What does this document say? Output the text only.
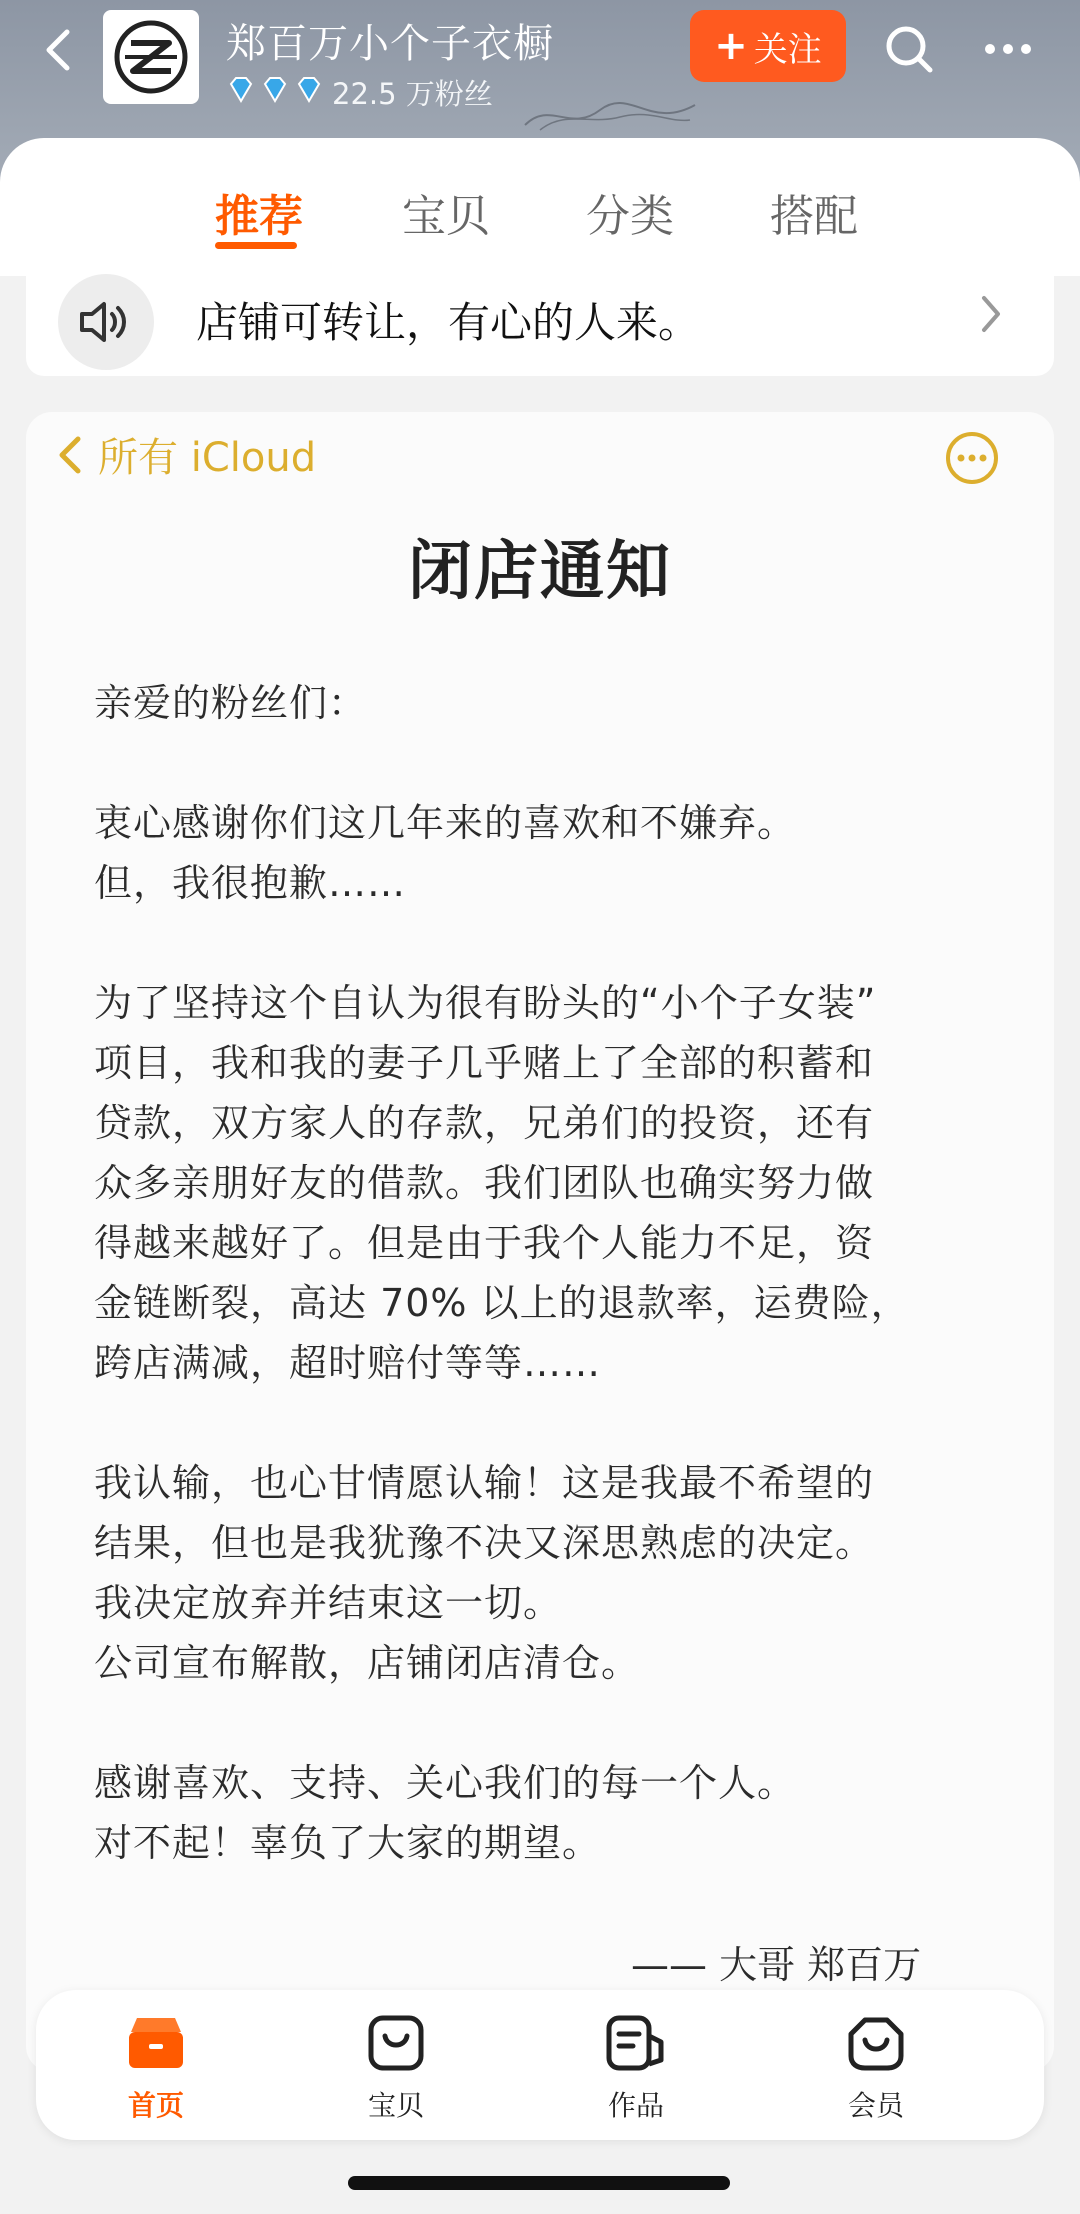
郑百万小个子衣橱
22.5 万粉丝
+ 关注
推荐 宝贝 分类 搭配
店铺可转让，有心的人来。
所有 iCloud
闭店通知
亲爱的粉丝们：
衷心感谢你们这几年来的喜欢和不嫌弃。
但，我很抱歉……
为了坚持这个自认为很有盼头的“小个子女装”
项目，我和我的妻子几乎赌上了全部的积蓄和
贷款，双方家人的存款，兄弟们的投资，还有
众多亲朋好友的借款。我们团队也确实努力做
得越来越好了。但是由于我个人能力不足，资
金链断裂，高达 70% 以上的退款率，运费险，
跨店满减，超时赔付等等……
我认输，也心甘情愿认输！这是我最不希望的
结果，但也是我犹豫不决又深思熟虑的决定。
我决定放弃并结束这一切。
公司宣布解散，店铺闭店清仓。
感谢喜欢、支持、关心我们的每一个人。
对不起！辜负了大家的期望。
—— 大哥 郑百万
首页	宝贝	作品	会员
